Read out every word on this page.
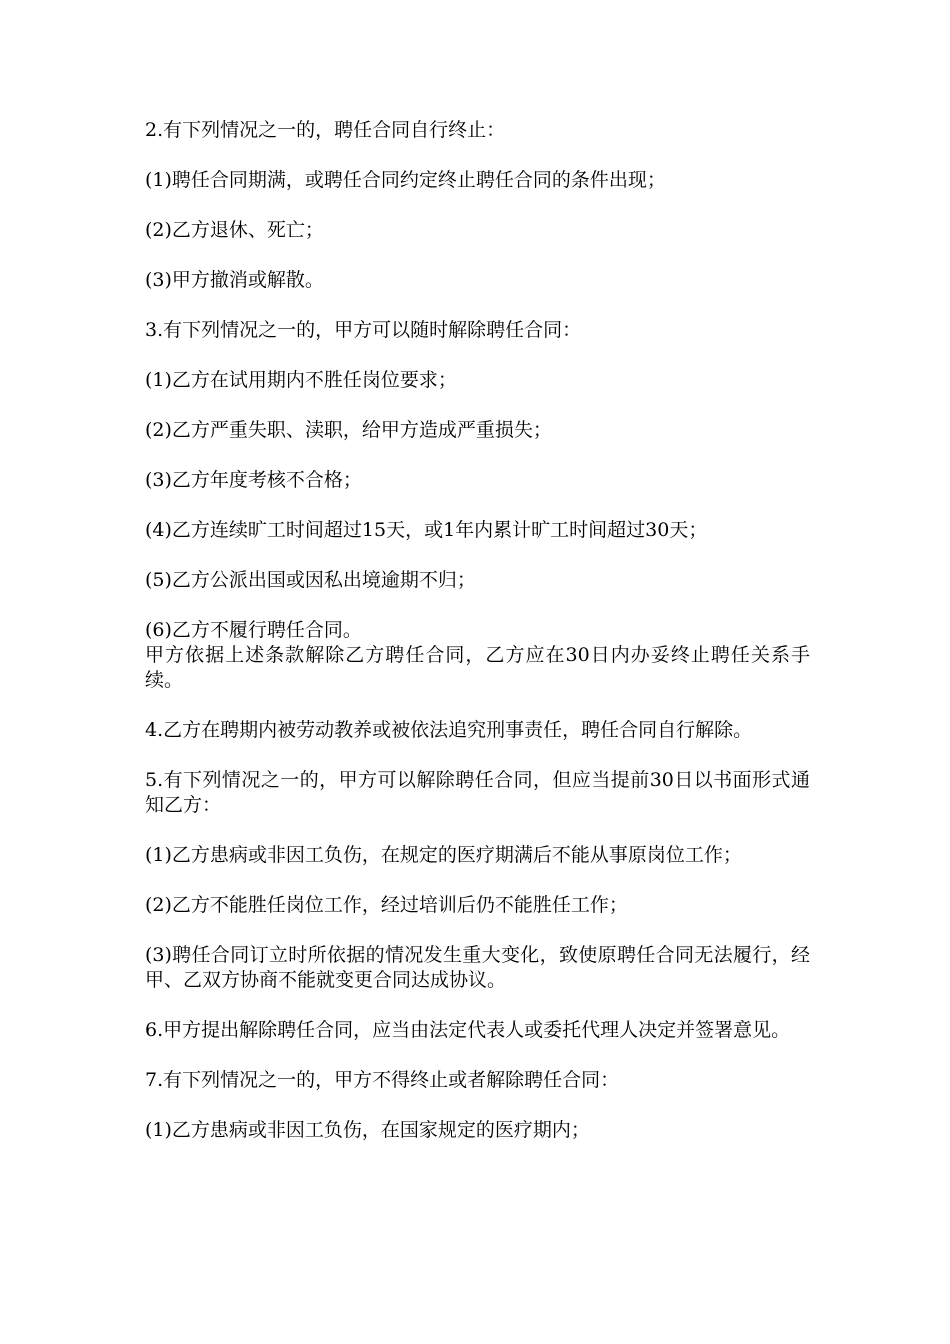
2.有下列情况之一的，聘任合同自行终止：

(1)聘任合同期满，或聘任合同约定终止聘任合同的条件出现；

(2)乙方退休、死亡；

(3)甲方撤消或解散。

3.有下列情况之一的，甲方可以随时解除聘任合同：

(1)乙方在试用期内不胜任岗位要求；

(2)乙方严重失职、渎职，给甲方造成严重损失；

(3)乙方年度考核不合格；

(4)乙方连续旷工时间超过15天，或1年内累计旷工时间超过30天；

(5)乙方公派出国或因私出境逾期不归；

(6)乙方不履行聘任合同。

甲方依据上述条款解除乙方聘任合同，乙方应在30日内办妥终止聘任关系手续。

4.乙方在聘期内被劳动教养或被依法追究刑事责任，聘任合同自行解除。

5.有下列情况之一的，甲方可以解除聘任合同，但应当提前30日以书面形式通知乙方：

(1)乙方患病或非因工负伤，在规定的医疗期满后不能从事原岗位工作；

(2)乙方不能胜任岗位工作，经过培训后仍不能胜任工作；

(3)聘任合同订立时所依据的情况发生重大变化，致使原聘任合同无法履行，经甲、乙双方协商不能就变更合同达成协议。

6.甲方提出解除聘任合同，应当由法定代表人或委托代理人决定并签署意见。

7.有下列情况之一的，甲方不得终止或者解除聘任合同：

(1)乙方患病或非因工负伤，在国家规定的医疗期内；
